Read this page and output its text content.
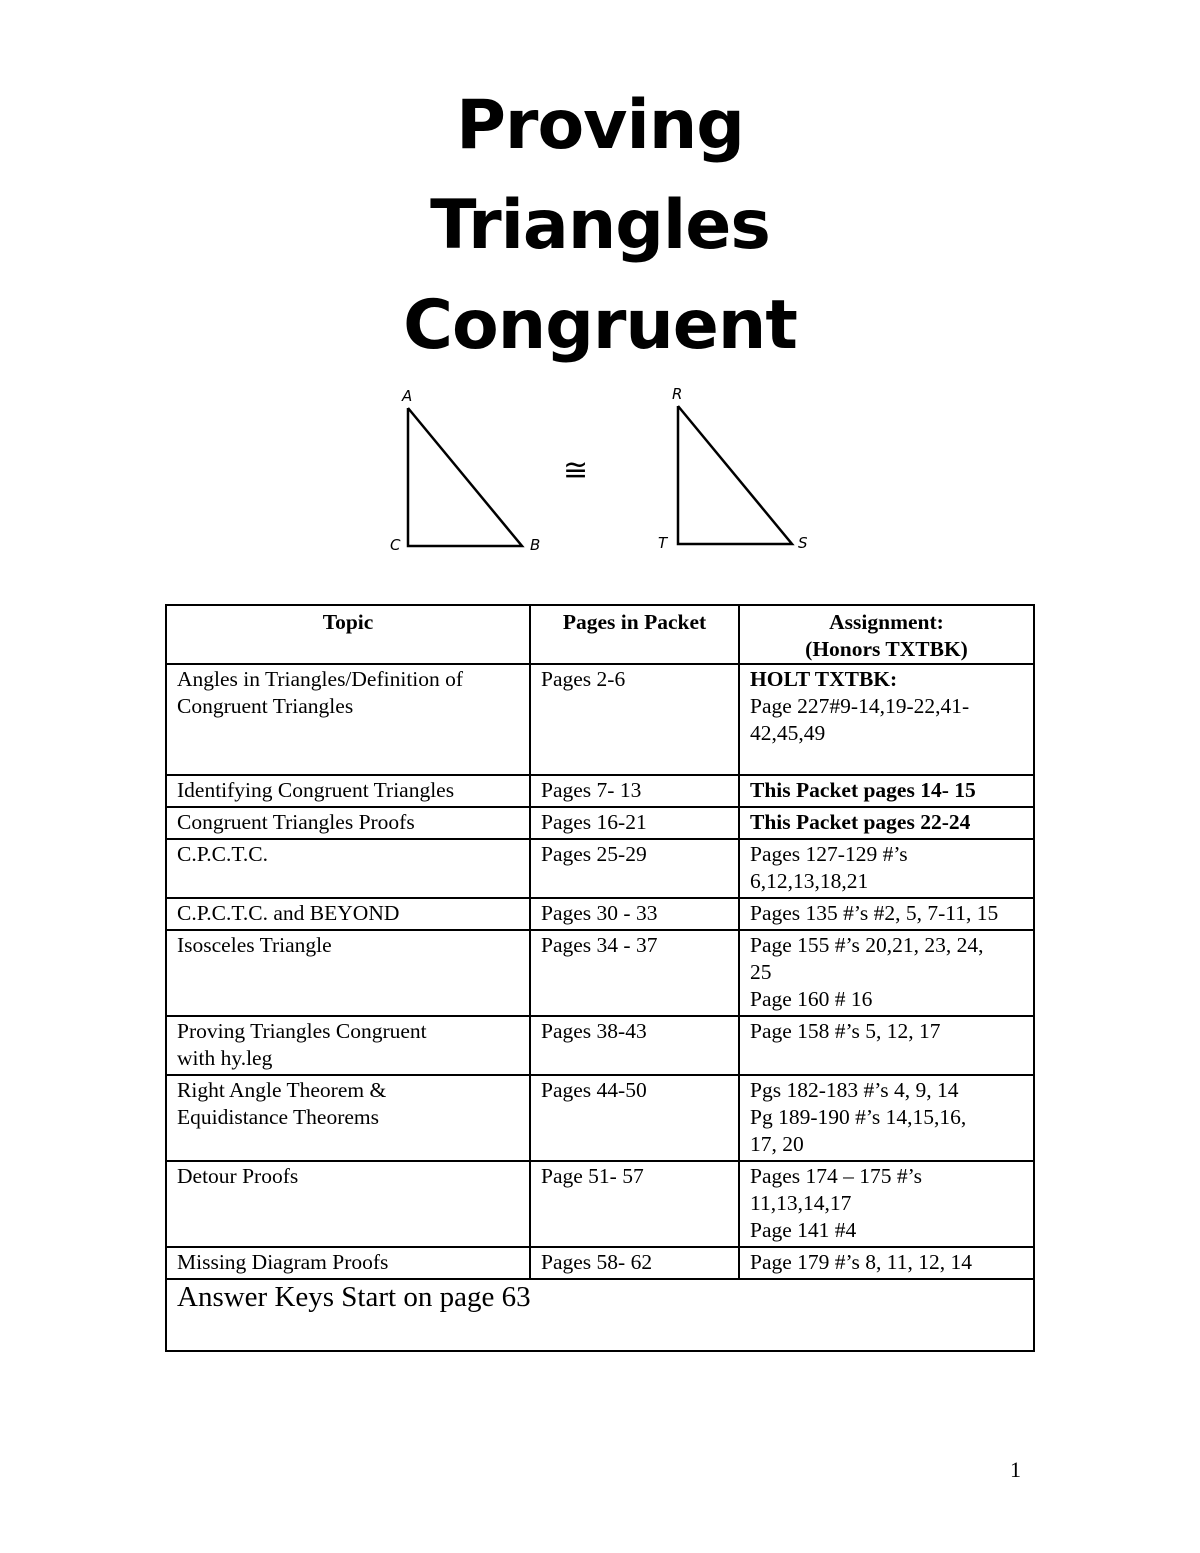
Proving
Triangles
Congruent
A
C	B
≅
R
T	S
Topic	Pages in Packet	Assignment:
(Honors TXTBK)

Angles in Triangles/Definition of
Congruent Triangles	Pages 2-6	HOLT TXTBK:
Page 227#9-14,19-22,41-
42,45,49

Identifying Congruent Triangles	Pages 7- 13	This Packet pages 14- 15

Congruent Triangles Proofs	Pages 16-21	This Packet pages 22-24

C.P.C.T.C.	Pages 25-29	Pages 127-129 #’s
6,12,13,18,21

C.P.C.T.C. and BEYOND	Pages 30 - 33	Pages 135 #’s #2, 5, 7-11, 15

Isosceles Triangle	Pages 34 - 37	Page 155 #’s 20,21, 23, 24,
25
Page 160 # 16

Proving Triangles Congruent
with hy.leg	Pages 38-43	Page 158 #’s 5, 12, 17

Right Angle Theorem &
Equidistance Theorems	Pages 44-50	Pgs 182-183 #’s 4, 9, 14
Pg 189-190 #’s 14,15,16,
17, 20

Detour Proofs	Page 51- 57	Pages 174 – 175 #’s
11,13,14,17
Page 141 #4

Missing Diagram Proofs	Pages 58- 62	Page 179 #’s 8, 11, 12, 14

Answer Keys Start on page 63		
1
